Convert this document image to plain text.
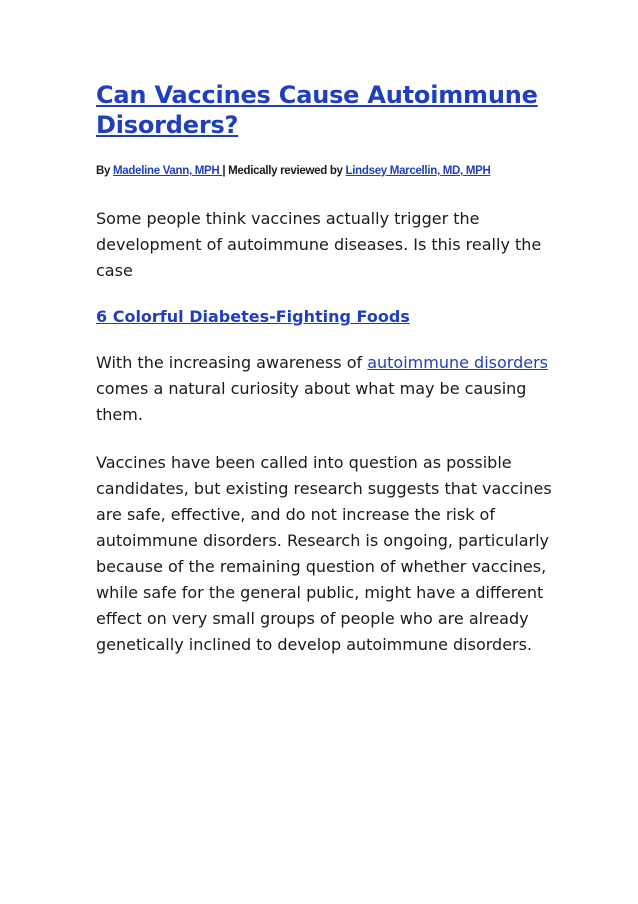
Can Vaccines Cause Autoimmune Disorders?

By Madeline Vann, MPH | Medically reviewed by Lindsey Marcellin, MD, MPH

Some people think vaccines actually trigger the development of autoimmune diseases. Is this really the case

6 Colorful Diabetes-Fighting Foods

With the increasing awareness of autoimmune disorders comes a natural curiosity about what may be causing them.

Vaccines have been called into question as possible candidates, but existing research suggests that vaccines are safe, effective, and do not increase the risk of autoimmune disorders. Research is ongoing, particularly because of the remaining question of whether vaccines, while safe for the general public, might have a different effect on very small groups of people who are already genetically inclined to develop autoimmune disorders.
